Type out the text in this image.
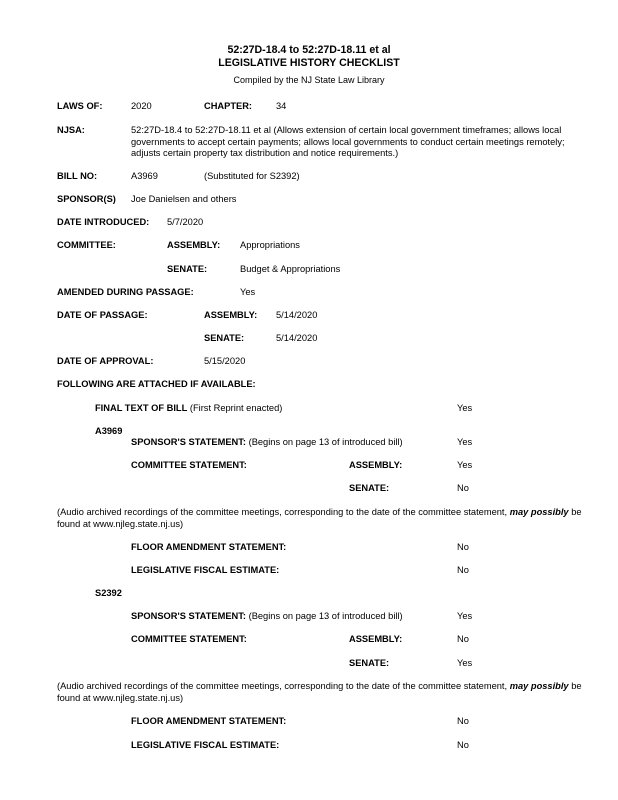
52:27D-18.4 to 52:27D-18.11 et al
LEGISLATIVE HISTORY CHECKLIST
Compiled by the NJ State Law Library
LAWS OF:	2020	CHAPTER:	34
NJSA:	52:27D-18.4 to 52:27D-18.11 et al (Allows extension of certain local government timeframes; allows local governments to accept certain payments; allows local governments to conduct certain meetings remotely; adjusts certain property tax distribution and notice requirements.)
BILL NO:	A3969	(Substituted for S2392)
SPONSOR(S) Joe Danielsen and others
DATE INTRODUCED: 5/7/2020
COMMITTEE:	ASSEMBLY: Appropriations
SENATE:	Budget & Appropriations
AMENDED DURING PASSAGE:	Yes
DATE OF PASSAGE:	ASSEMBLY: 5/14/2020
SENATE:	5/14/2020
DATE OF APPROVAL:	5/15/2020
FOLLOWING ARE ATTACHED IF AVAILABLE:
FINAL TEXT OF BILL (First Reprint enacted)	Yes
A3969
SPONSOR'S STATEMENT: (Begins on page 13 of introduced bill)	Yes
COMMITTEE STATEMENT:	ASSEMBLY:	Yes
SENATE:	No
(Audio archived recordings of the committee meetings, corresponding to the date of the committee statement, may possibly be found at www.njleg.state.nj.us)
FLOOR AMENDMENT STATEMENT:	No
LEGISLATIVE FISCAL ESTIMATE:	No
S2392
SPONSOR'S STATEMENT: (Begins on page 13 of introduced bill)	Yes
COMMITTEE STATEMENT:	ASSEMBLY:	No
SENATE:	Yes
(Audio archived recordings of the committee meetings, corresponding to the date of the committee statement, may possibly be found at www.njleg.state.nj.us)
FLOOR AMENDMENT STATEMENT:	No
LEGISLATIVE FISCAL ESTIMATE:	No
